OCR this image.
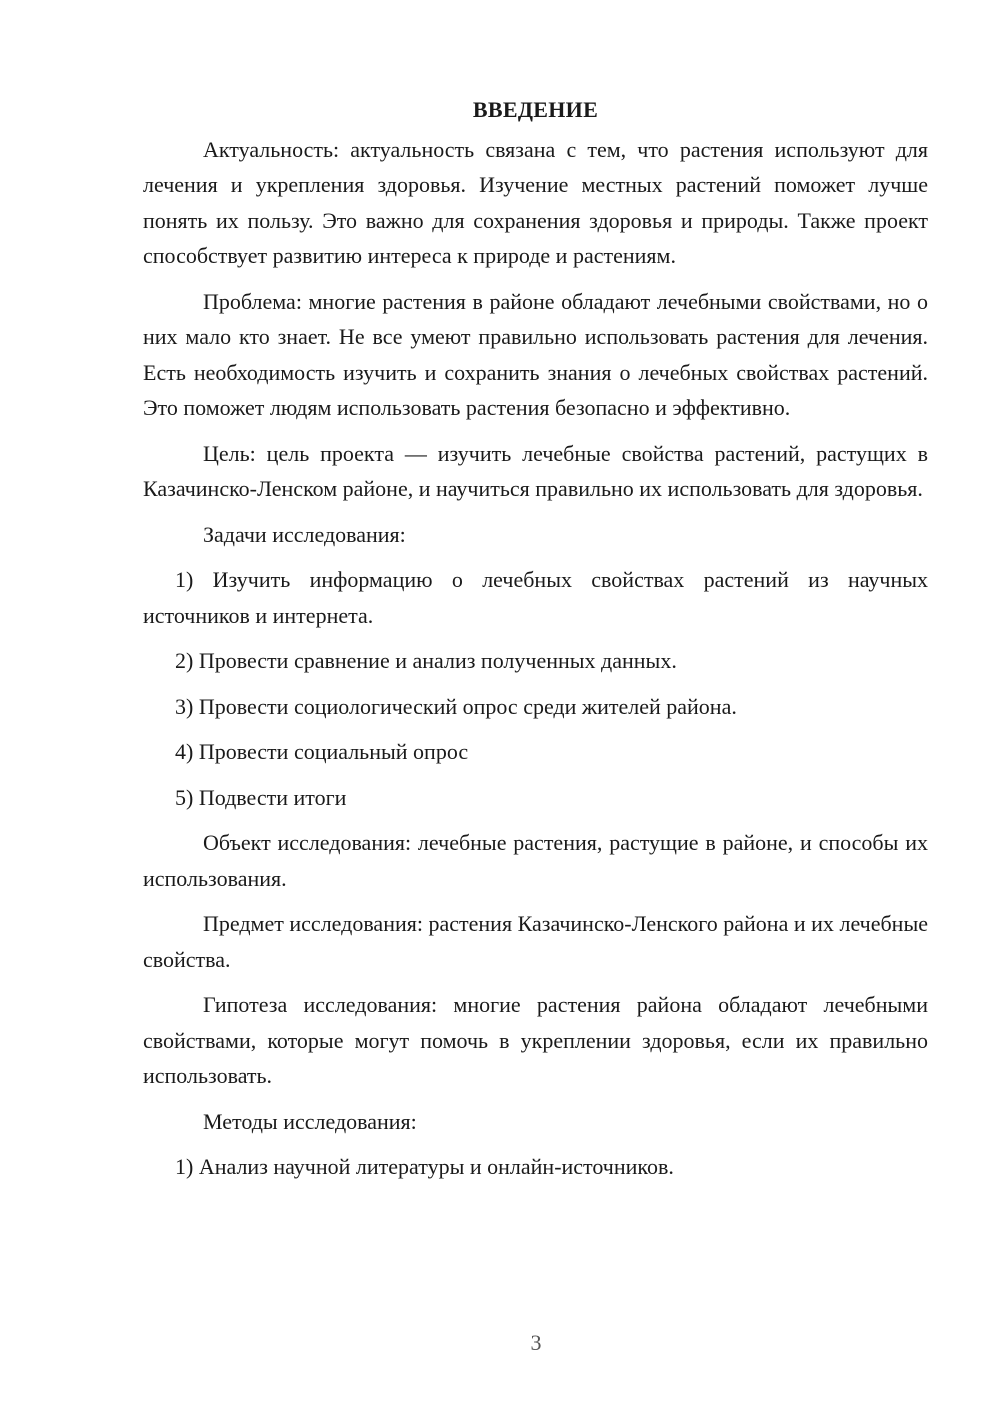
ВВЕДЕНИЕ

Актуальность: актуальность связана с тем, что растения используют для лечения и укрепления здоровья. Изучение местных растений поможет лучше понять их пользу. Это важно для сохранения здоровья и природы. Также проект способствует развитию интереса к природе и растениям.

Проблема: многие растения в районе обладают лечебными свойствами, но о них мало кто знает. Не все умеют правильно использовать растения для лечения. Есть необходимость изучить и сохранить знания о лечебных свойствах растений. Это поможет людям использовать растения безопасно и эффективно.

Цель: цель проекта — изучить лечебные свойства растений, растущих в Казачинско-Ленском районе, и научиться правильно их использовать для здоровья.

Задачи исследования:

1) Изучить информацию о лечебных свойствах растений из научных источников и интернета.

2) Провести сравнение и анализ полученных данных.

3) Провести социологический опрос среди жителей района.

4) Провести социальный опрос

5) Подвести итоги

Объект исследования: лечебные растения, растущие в районе, и способы их использования.

Предмет исследования: растения Казачинско-Ленского района и их лечебные свойства.

Гипотеза исследования: многие растения района обладают лечебными свойствами, которые могут помочь в укреплении здоровья, если их правильно использовать.

Методы исследования:

1) Анализ научной литературы и онлайн-источников.

3
